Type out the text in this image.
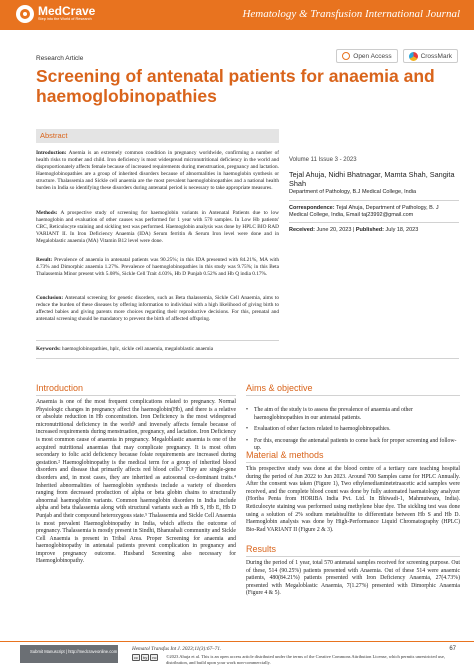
MedCrave
Step into the World of Research	Hematology & Transfusion International Journal
Research Article	Open Access	CrossMark
Screening of antenatal patients for anaemia and haemoglobinopathies
Abstract

Introduction: Anemia is an extremely common condition in pregnancy worldwide, confirming a number of health risks to mother and child. Iron deficiency is most widespread micronutritional deficiency in the world and disproportionately affects female because of increased requirements during menstruation, pregnancy and lactation. Haemoglobinopathies are a group of inherited disorders because of abnormalities in haemoglobin synthesis or structure. Thalassemia and Sickle cell anaemia are the most prevalent haemoglobinopathies and a national health burden in India so identifying these disorders during antenatal period is necessary to take appropriate measures.

Methods: A prospective study of screening for haemoglobin variants in Antenatal Patients due to low haemoglobin and evaluation of other causes was performed for 1 year with 570 samples. In Low Hb patients' CBC, Reticulocyte staining and sickling test was performed. Haemoglobin analysis was done by HPLC BIO RAD VARIANT II. In Iron Deficiency Anaemia (IDA) Serum ferritin & Serum Iron level were done and in Megaloblastic anaemia (MA) Vitamin B12 level were done.

Result: Prevalence of anaemia in antenatal patients was 90.25%; in this IDA presented with 84.21%, MA with 4.73% and Dimorphic anaemia 1.27%. Prevalence of haemoglobinopathies in this study was 9.75%; in this Beta Thalassemia Minor present with 5.08%, Sickle Cell Trait 4.03%, Hb D Punjab 0.52% and Hb Q india 0.17%.

Conclusion: Antenatal screening for genetic disorders, such as Beta thalassemia, Sickle Cell Anaemia, aims to reduce the burden of these diseases by offering information to individual with a high likelihood of giving birth to affected babies and giving parents more choices regarding their reproductive decisions. For this, prenatal and antenatal screening should be mandatory to prevent the birth of affected offspring.

Keywords: haemoglobinopathies, hplc, sickle cell anaemia, megaloblastic anaemia

Volume 11 Issue 3 - 2023
Tejal Ahuja, Nidhi Bhatnagar, Mamta Shah, Sangita Shah
Department of Pathology, B.J Medical College, India
Correspondence: Tejal Ahuja, Department of Pathology, B. J Medical College, India, Email taj23992@gmail.com
Received: June 20, 2023 | Published: July 18, 2023
Introduction

Anaemia is one of the most frequent complications related to pregnancy. Normal Physiologic changes in pregnancy affect the haemoglobin(Hb), and there is a relative or absolute reduction in Hb concentration. Iron Deficiency is the most widespread micronutritional deficiency in the world¹ and inversely affects female because of increased requirements during menstruation, pregnancy, and lactation. Iron Deficiency is most common cause of anaemia in pregnancy. Megaloblastic anaemia is one of the acquired nutritional anaemias that may complicate pregnancy. It is most often secondary to folic acid deficiency because folate requirements are increased during gestation.² Haemoglobinopathy is the medical term for a group of inherited blood disorders and disease that primarily affects red blood cells.³ They are single-gene disorders and, in most cases, they are inherited as autosomal co-dominant traits.⁴ Inherited abnormalities of haemoglobin synthesis include a variety of disorders ranging from decreased production of alpha or beta globin chains to structurally abnormal haemoglobin variants. Common haemoglobin disorders in India include alpha and beta thalassemia along with structural variants such as Hb S, Hb E, Hb D Punjab and their compound heterozygous state.⁵ Thalassemia and Sickle Cell Anaemia is most prevalent Haemoglobinopathy in India, which affects the outcome of pregnancy. Thalassemia is mostly present in Sindhi, Bhanushali community and Sickle Cell Anaemia is present in Tribal Area. Proper Screening for anaemia and haemoglobinopathy in antenatal patients prevent complication in pregnancy and improve pregnancy outcome. Husband Screening also necessary for Haemoglobinopathy.

Aims & objective
• The aim of the study is to assess the prevalence of anaemia and other haemoglobinopathies in our antenatal patients.
• Evaluation of other factors related to haemoglobinopathies.
• For this, encourage the antenatal patients to come back for proper screening and follow-up.
Material & methods

This prospective study was done at the blood centre of a tertiary care teaching hospital during the period of Jun 2022 to Jun 2023. Around 700 Samples came for HPLC Annually. After the consent was taken (Figure 1), Two ethylenediaminetetraacetic acid samples were received, and the complete blood count was done by fully automated haematology analyzer (Horiba Penta from HORIBA India Pvt. Ltd. In Bhiwadi-1, Mahmutwara, India). Reticulocyte staining was performed using methylene blue dye. The sickling test was done using a solution of 2% sodium metabisulfite to differentiate between Hb S and Hb D. Haemoglobin analysis was done by High-Performance Liquid Chromatography (HPLC) Bio-Rad VARIANT II (Figure 2 & 3).

Results

During the period of 1 year, total 570 antenatal samples received for screening purpose. Out of these, 514 (90.25%) patients presented with Anaemia. Out of these 514 were anaemic patients, 480(84.21%) patients presented with Iron Deficiency Anaemia, 27(4.73%) presented with Megaloblastic Anaemia, 7(1.27%) presented with Dimorphic Anaemia (Figure 4 & 5).

Submit Manuscript | http://medcraveonline.com	Hematol Transfus Int J. 2023;11(3):67–71.	67
cc	by	nc	©2023 Ahuja et al. This is an open access article distributed under the terms of the Creative Commons Attribution License, which permits unrestricted use, distribution, and build upon your work non-commercially.
